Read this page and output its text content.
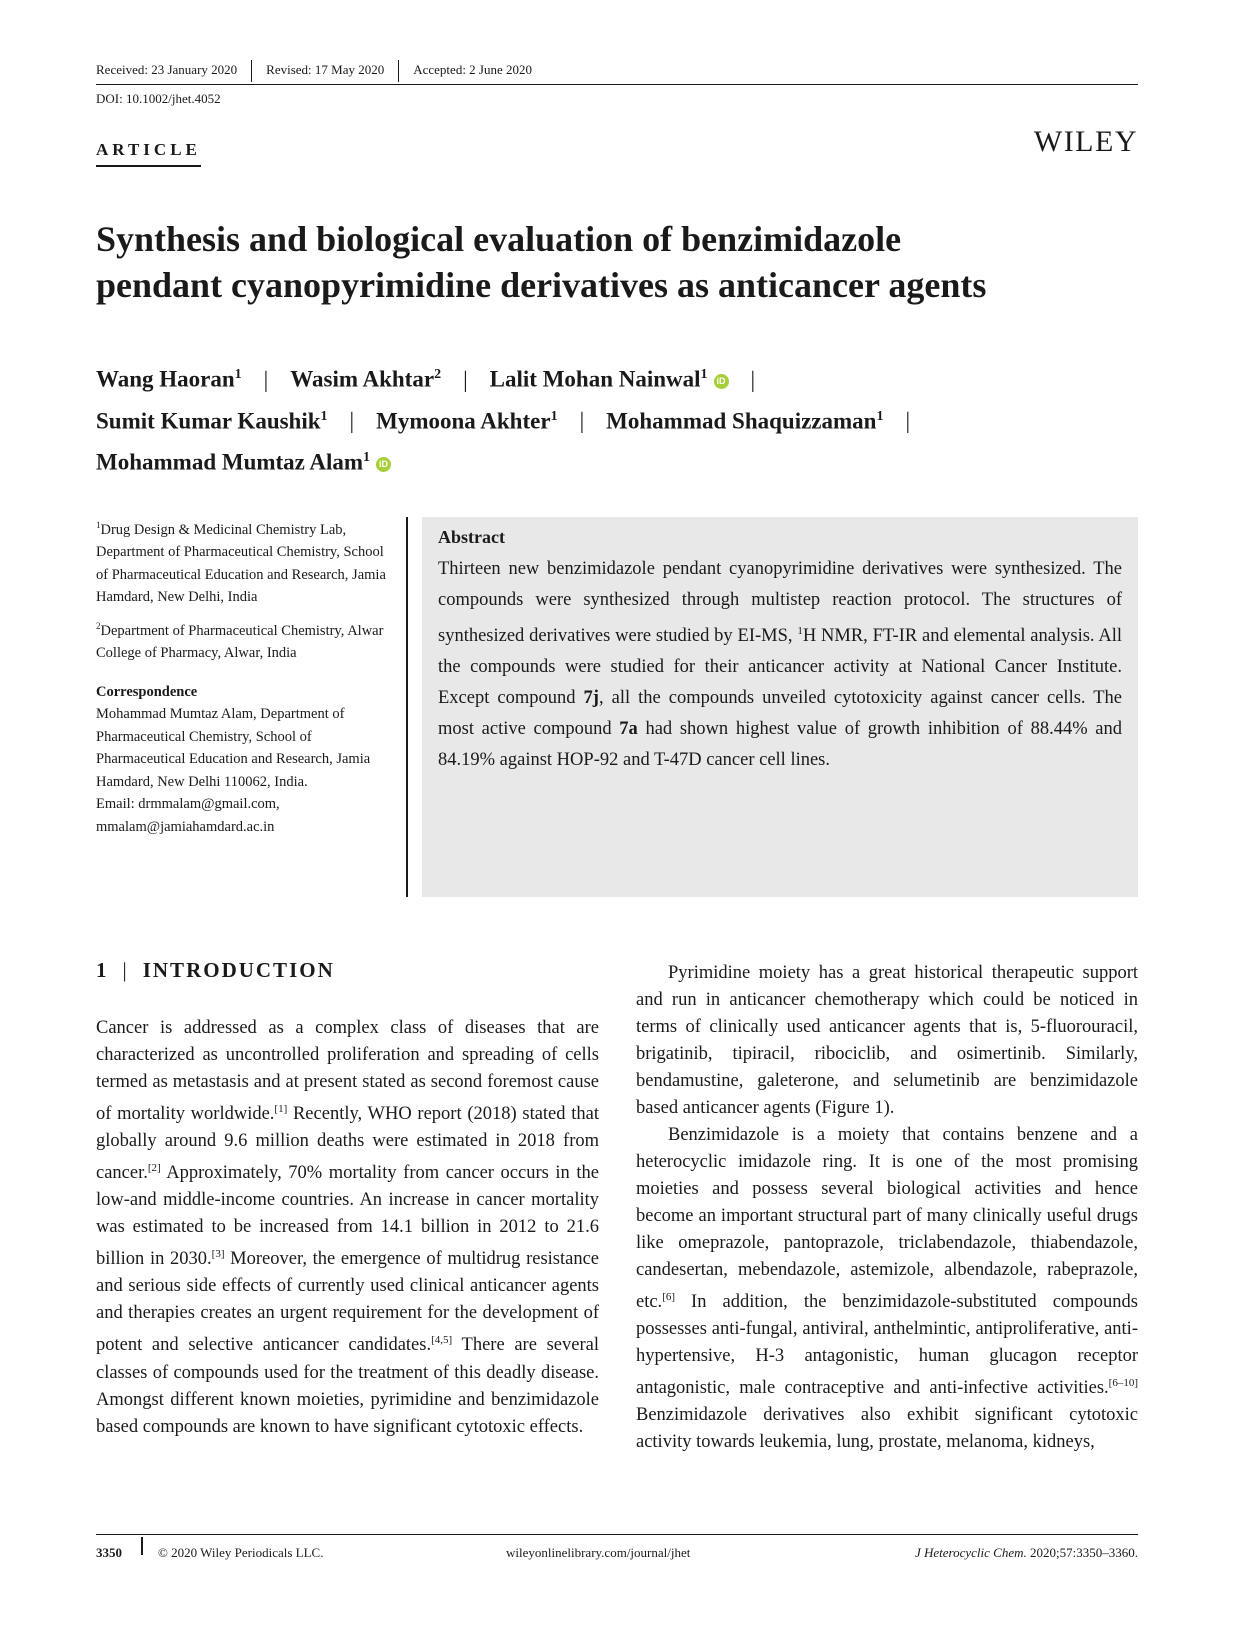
Received: 23 January 2020	Revised: 17 May 2020	Accepted: 2 June 2020
DOI: 10.1002/jhet.4052
ARTICLE	WILEY
Synthesis and biological evaluation of benzimidazole
pendant cyanopyrimidine derivatives as anticancer agents
Wang Haoran$^1$ | Wasim Akhtar$^2$ | Lalit Mohan Nainwal$^1$ iD |
Sumit Kumar Kaushik$^1$ | Mymoona Akhter$^1$ | Mohammad Shaquizzaman$^1$ |
Mohammad Mumtaz Alam$^1$ iD

$^1$Drug Design & Medicinal Chemistry Lab, Department of Pharmaceutical Chemistry, School of Pharmaceutical Education and Research, Jamia Hamdard, New Delhi, India

$^2$Department of Pharmaceutical Chemistry, Alwar College of Pharmacy, Alwar, India

Correspondence

Mohammad Mumtaz Alam, Department of Pharmaceutical Chemistry, School of Pharmaceutical Education and Research, Jamia Hamdard, New Delhi 110062, India.

Email: drmmalam@gmail.com, mmalam@jamiahamdard.ac.in

Abstract

Thirteen new benzimidazole pendant cyanopyrimidine derivatives were synthesized. The compounds were synthesized through multistep reaction protocol. The structures of synthesized derivatives were studied by EI-MS, $^1$H NMR, FT-IR and elemental analysis. All the compounds were studied for their anticancer activity at National Cancer Institute. Except compound 7j, all the compounds unveiled cytotoxicity against cancer cells. The most active compound 7a had shown highest value of growth inhibition of 88.44% and 84.19% against HOP-92 and T-47D cancer cell lines.

1 | INTRODUCTION

Cancer is addressed as a complex class of diseases that are characterized as uncontrolled proliferation and spreading of cells termed as metastasis and at present stated as second foremost cause of mortality worldwide.[1] Recently, WHO report (2018) stated that globally around 9.6 million deaths were estimated in 2018 from cancer.[2] Approximately, 70% mortality from cancer occurs in the low-and middle-income countries. An increase in cancer mortality was estimated to be increased from 14.1 billion in 2012 to 21.6 billion in 2030.[3] Moreover, the emergence of multidrug resistance and serious side effects of currently used clinical anticancer agents and therapies creates an urgent requirement for the development of potent and selective anticancer candidates.[4,5] There are several classes of compounds used for the treatment of this deadly disease. Amongst different known moieties, pyrimidine and benzimidazole based compounds are known to have significant cytotoxic effects.

Pyrimidine moiety has a great historical therapeutic support and run in anticancer chemotherapy which could be noticed in terms of clinically used anticancer agents that is, 5-fluorouracil, brigatinib, tipiracil, ribociclib, and osimertinib. Similarly, bendamustine, galeterone, and selumetinib are benzimidazole based anticancer agents (Figure 1).

Benzimidazole is a moiety that contains benzene and a heterocyclic imidazole ring. It is one of the most promising moieties and possess several biological activities and hence become an important structural part of many clinically useful drugs like omeprazole, pantoprazole, triclabendazole, thiabendazole, candesertan, mebendazole, astemizole, albendazole, rabeprazole, etc.[6] In addition, the benzimidazole-substituted compounds possesses anti-fungal, antiviral, anthelmintic, antiproliferative, anti-hypertensive, H-3 antagonistic, human glucagon receptor antagonistic, male contraceptive and anti-infective activities.[6–10] Benzimidazole derivatives also exhibit significant cytotoxic activity towards leukemia, lung, prostate, melanoma, kidneys,

3350	© 2020 Wiley Periodicals LLC.	wileyonlinelibrary.com/journal/jhet	J Heterocyclic Chem. 2020;57:3350–3360.
